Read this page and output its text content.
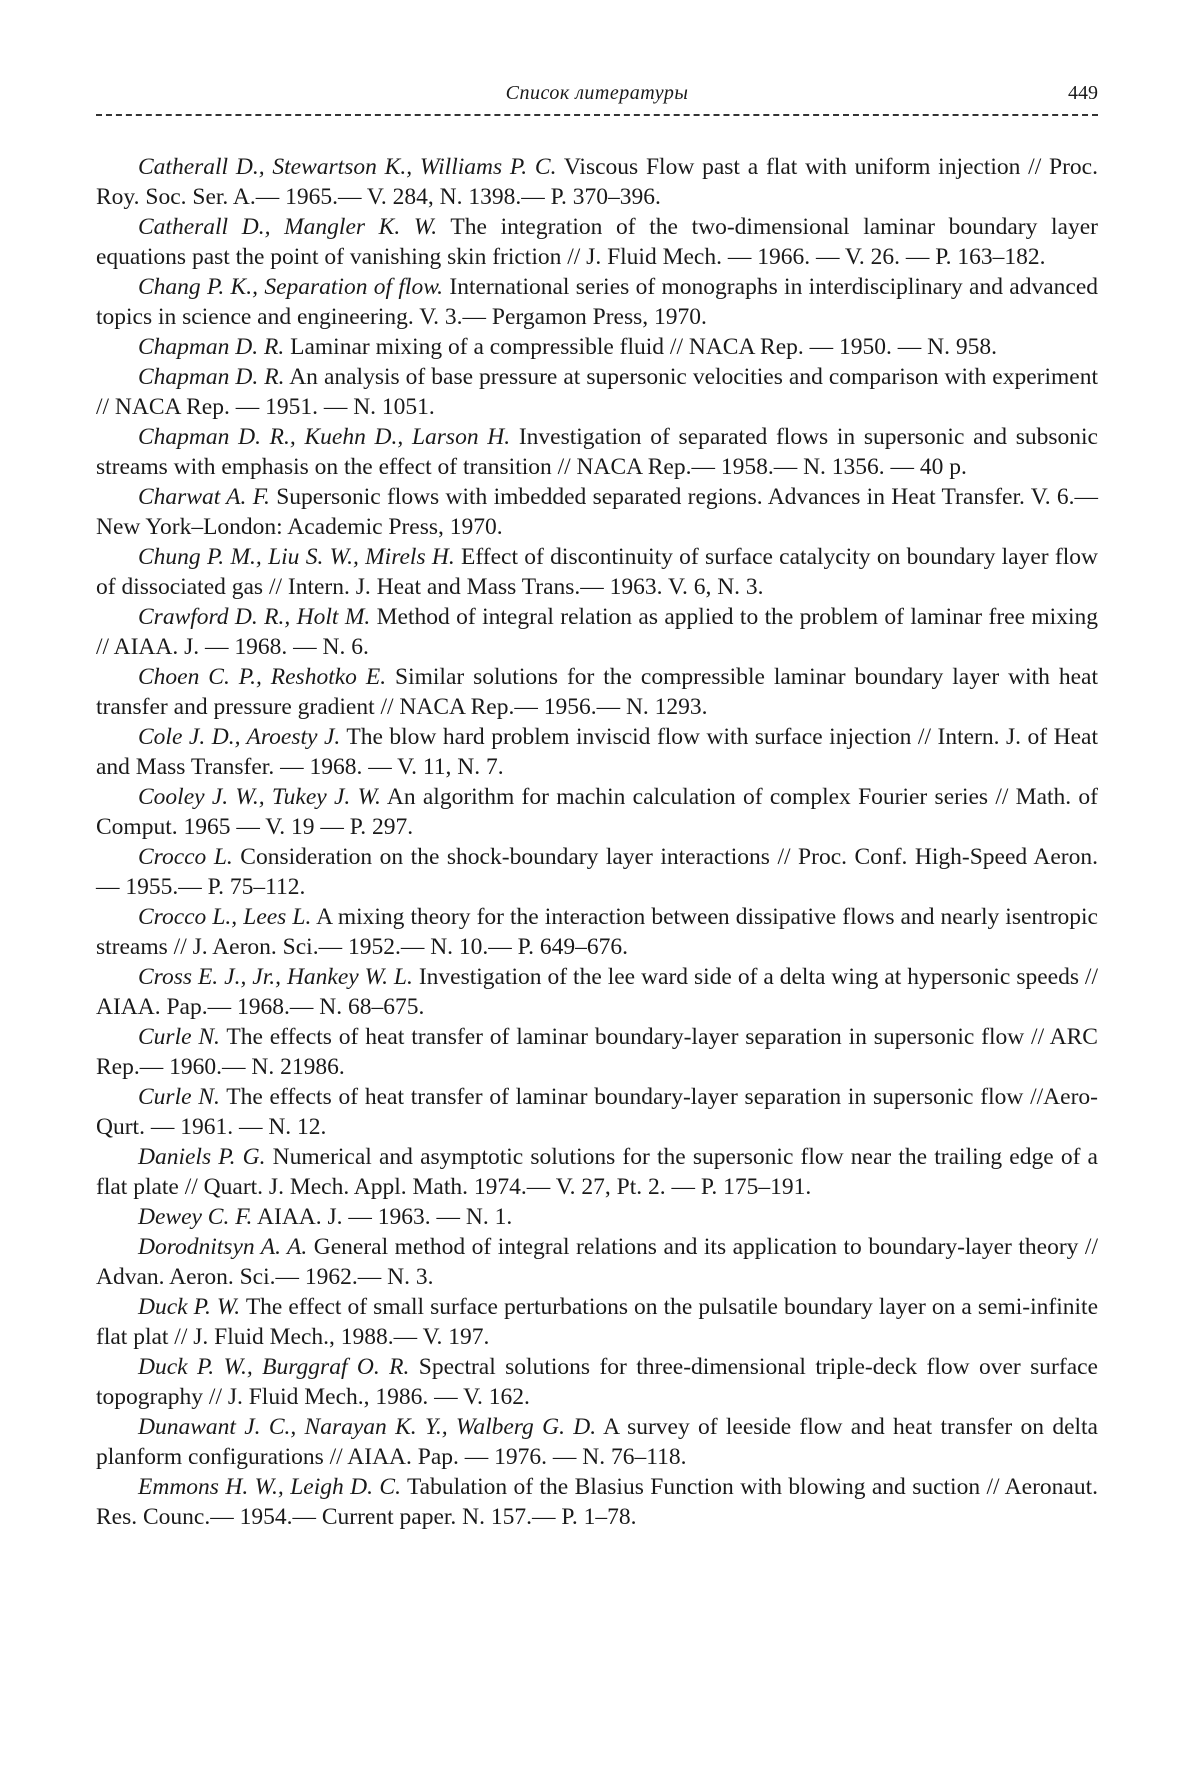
Список литературы	449

Catherall D., Stewartson K., Williams P. C. Viscous Flow past a flat with uniform injection // Proc. Roy. Soc. Ser. A.— 1965.— V. 284, N. 1398.— P. 370–396.

Catherall D., Mangler K. W. The integration of the two-dimensional laminar boundary layer equations past the point of vanishing skin friction // J. Fluid Mech. — 1966. — V. 26. — P. 163–182.

Chang P. K., Separation of flow. International series of monographs in interdisciplinary and advanced topics in science and engineering. V. 3.— Pergamon Press, 1970.

Chapman D. R. Laminar mixing of a compressible fluid // NACA Rep. — 1950. — N. 958.

Chapman D. R. An analysis of base pressure at supersonic velocities and comparison with experiment // NACA Rep. — 1951. — N. 1051.

Chapman D. R., Kuehn D., Larson H. Investigation of separated flows in supersonic and subsonic streams with emphasis on the effect of transition // NACA Rep.— 1958.— N. 1356. — 40 p.

Charwat A. F. Supersonic flows with imbedded separated regions. Advances in Heat Transfer. V. 6.— New York–London: Academic Press, 1970.

Chung P. M., Liu S. W., Mirels H. Effect of discontinuity of surface catalycity on boundary layer flow of dissociated gas // Intern. J. Heat and Mass Trans.— 1963. V. 6, N. 3.

Crawford D. R., Holt M. Method of integral relation as applied to the problem of laminar free mixing // AIAA. J. — 1968. — N. 6.

Choen C. P., Reshotko E. Similar solutions for the compressible laminar boundary layer with heat transfer and pressure gradient // NACA Rep.— 1956.— N. 1293.

Cole J. D., Aroesty J. The blow hard problem inviscid flow with surface injection // Intern. J. of Heat and Mass Transfer. — 1968. — V. 11, N. 7.

Cooley J. W., Tukey J. W. An algorithm for machin calculation of complex Fourier series // Math. of Comput. 1965 — V. 19 — P. 297.

Crocco L. Consideration on the shock-boundary layer interactions // Proc. Conf. High-Speed Aeron.— 1955.— P. 75–112.

Crocco L., Lees L. A mixing theory for the interaction between dissipative flows and nearly isentropic streams // J. Aeron. Sci.— 1952.— N. 10.— P. 649–676.

Cross E. J., Jr., Hankey W. L. Investigation of the lee ward side of a delta wing at hypersonic speeds // AIAA. Pap.— 1968.— N. 68–675.

Curle N. The effects of heat transfer of laminar boundary-layer separation in supersonic flow // ARC Rep.— 1960.— N. 21986.

Curle N. The effects of heat transfer of laminar boundary-layer separation in supersonic flow //Aero-Qurt. — 1961. — N. 12.

Daniels P. G. Numerical and asymptotic solutions for the supersonic flow near the trailing edge of a flat plate // Quart. J. Mech. Appl. Math. 1974.— V. 27, Pt. 2. — P. 175–191.

Dewey C. F. AIAA. J. — 1963. — N. 1.

Dorodnitsyn A. A. General method of integral relations and its application to boundary-layer theory // Advan. Aeron. Sci.— 1962.— N. 3.

Duck P. W. The effect of small surface perturbations on the pulsatile boundary layer on a semi-infinite flat plat // J. Fluid Mech., 1988.— V. 197.

Duck P. W., Burggraf O. R. Spectral solutions for three-dimensional triple-deck flow over surface topography // J. Fluid Mech., 1986. — V. 162.

Dunawant J. C., Narayan K. Y., Walberg G. D. A survey of leeside flow and heat transfer on delta planform configurations // AIAA. Pap. — 1976. — N. 76–118.

Emmons H. W., Leigh D. C. Tabulation of the Blasius Function with blowing and suction // Aeronaut. Res. Counc.— 1954.— Current paper. N. 157.— P. 1–78.
